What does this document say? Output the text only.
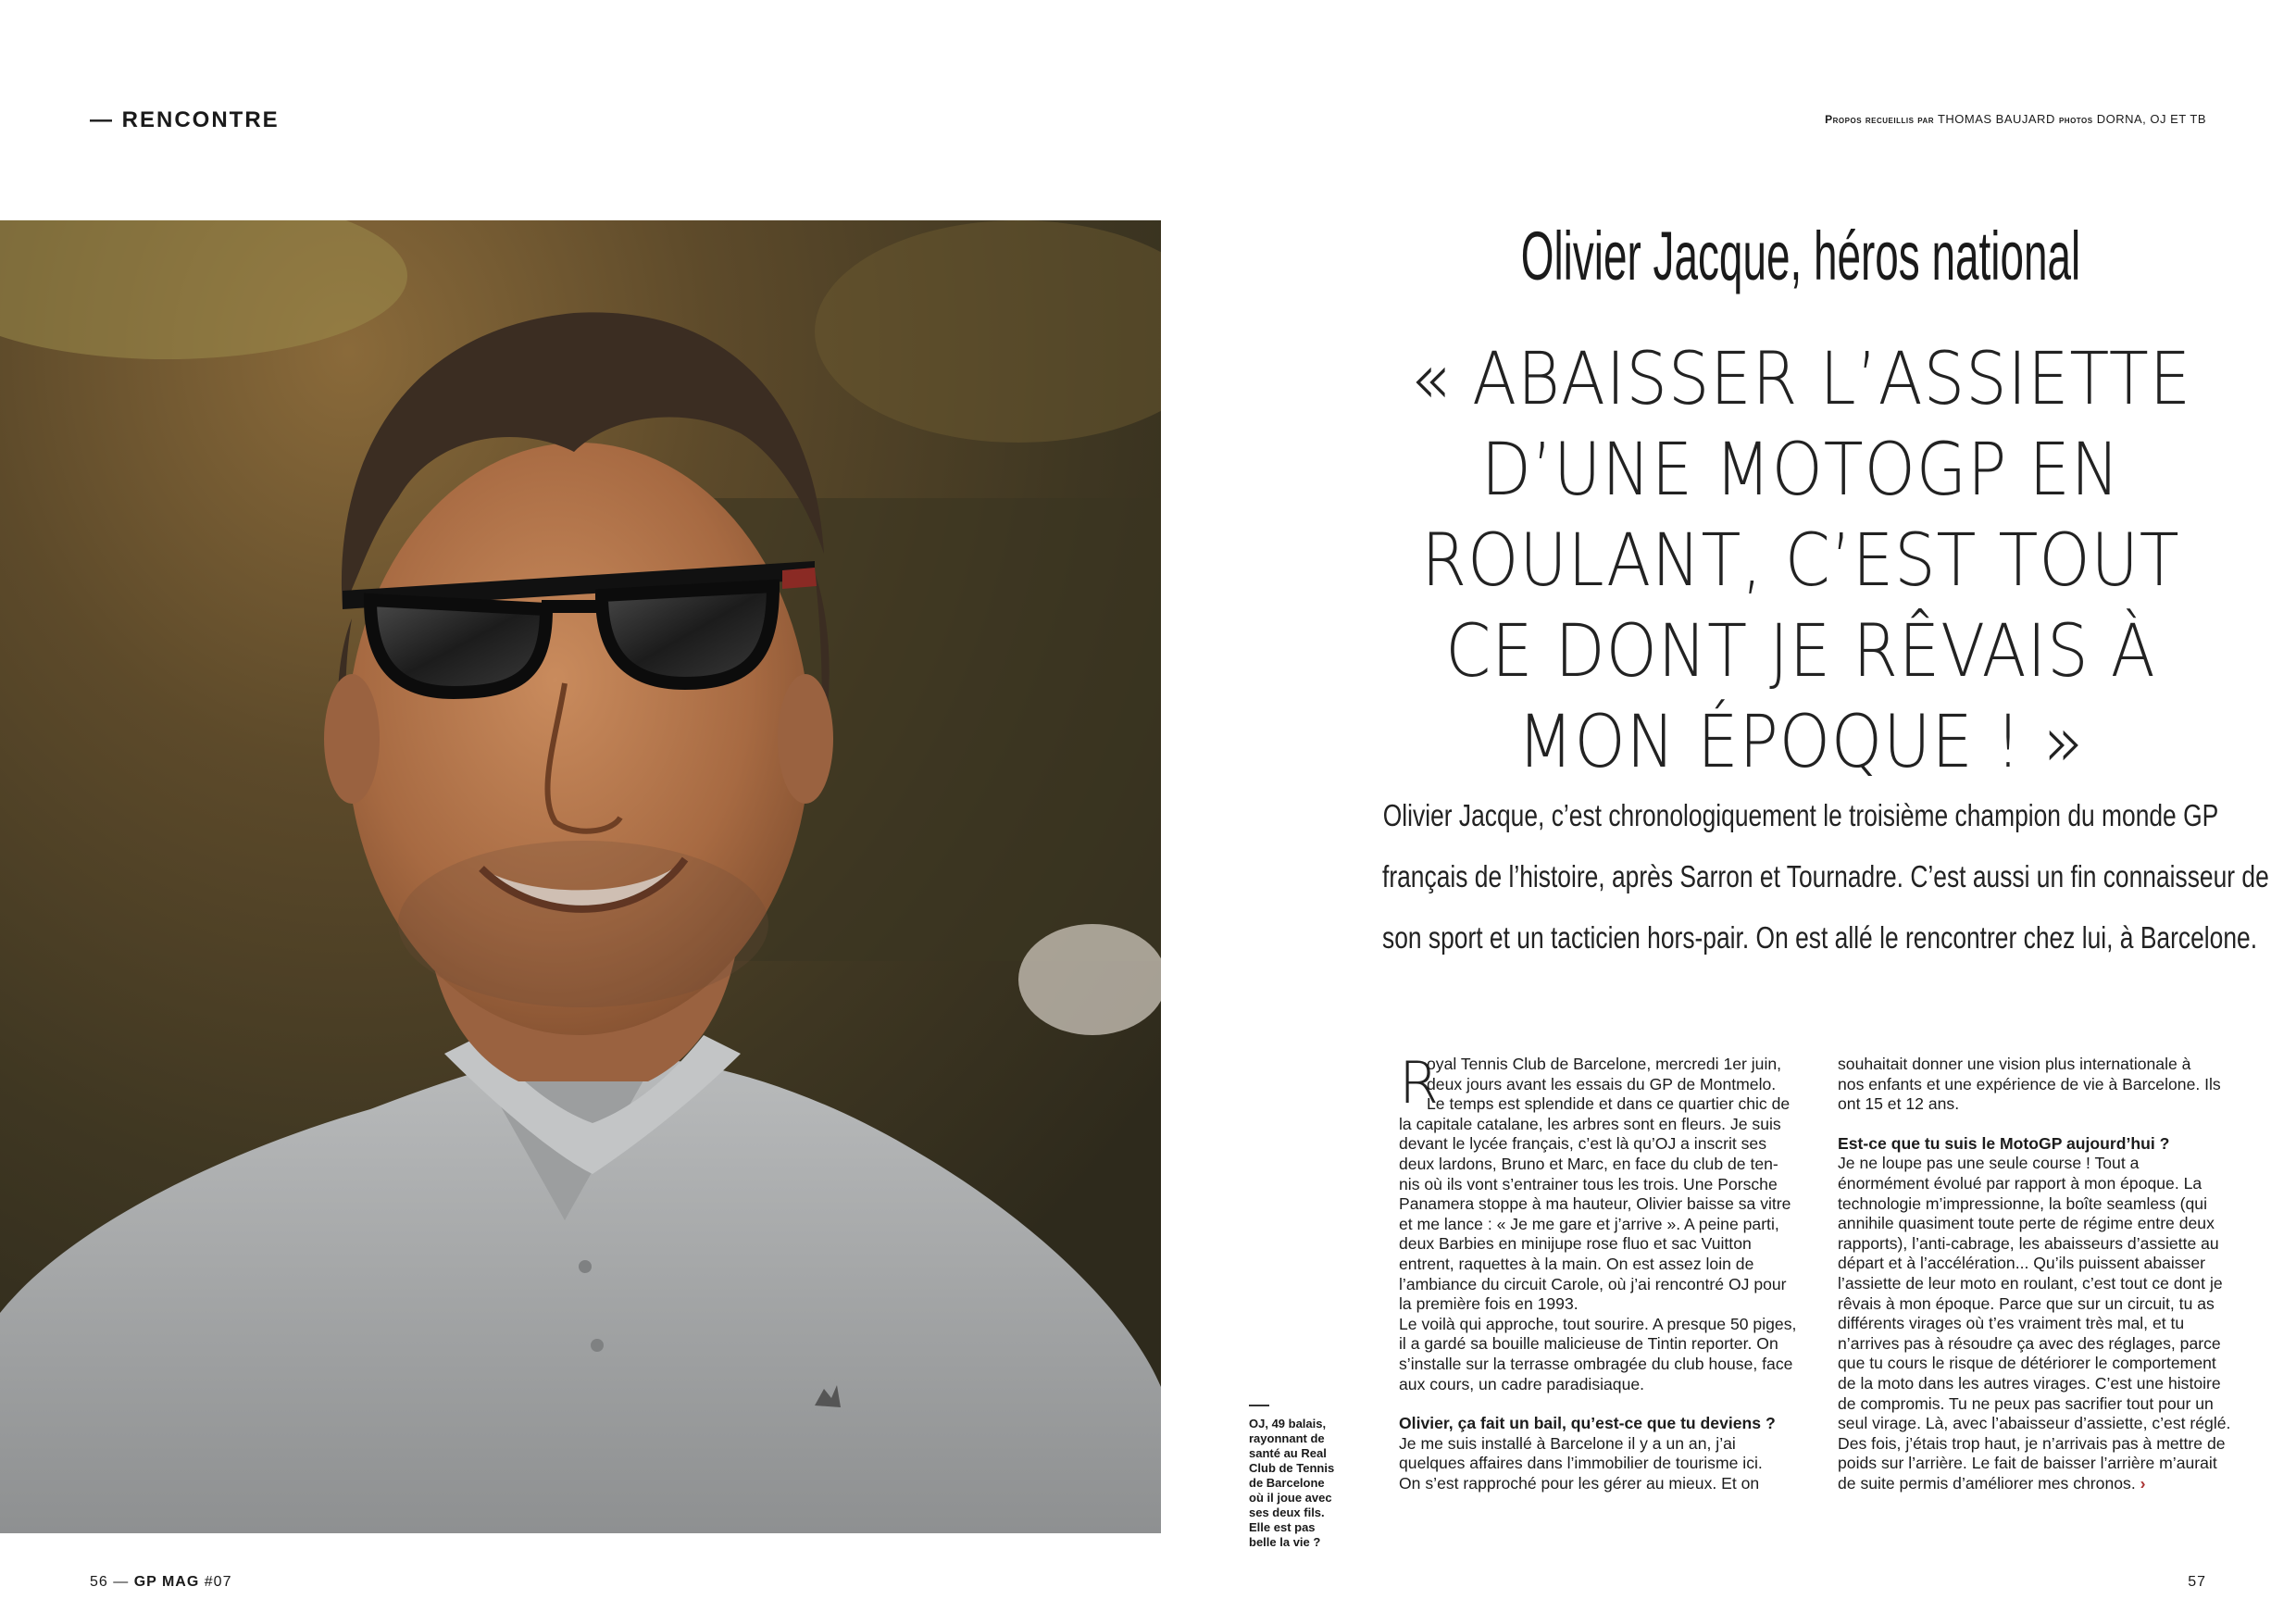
— RENCONTRE	Propos recueillis par THOMAS BAUJARD photos DORNA, OJ ET TB
OJ, 49 balais, rayonnant de santé au Real Club de Tennis de Barcelone où il joue avec ses deux fils. Elle est pas belle la vie ?
Olivier Jacque, héros national
« ABAISSER L’ASSIETTE
D’UNE MOTOGP EN
ROULANT, C’EST TOUT
CE DONT JE RÊVAIS À
MON ÉPOQUE ! »
Olivier Jacque, c’est chronologiquement le troisième champion du monde GP
français de l’histoire, après Sarron et Tournadre. C’est aussi un fin connaisseur de
son sport et un tacticien hors-pair. On est allé le rencontrer chez lui, à Barcelone.
R
oyal Tennis Club de Barcelone, mercredi 1er juin,
deux jours avant les essais du GP de Montmelo.
Le temps est splendide et dans ce quartier chic de
la capitale catalane, les arbres sont en fleurs. Je suis
devant le lycée français, c’est là qu’OJ a inscrit ses
deux lardons, Bruno et Marc, en face du club de ten-
nis où ils vont s’entrainer tous les trois. Une Porsche
Panamera stoppe à ma hauteur, Olivier baisse sa vitre
et me lance : « Je me gare et j’arrive ». A peine parti,
deux Barbies en minijupe rose fluo et sac Vuitton
entrent, raquettes à la main. On est assez loin de
l’ambiance du circuit Carole, où j’ai rencontré OJ pour
la première fois en 1993.
Le voilà qui approche, tout sourire. A presque 50 piges,
il a gardé sa bouille malicieuse de Tintin reporter. On
s’installe sur la terrasse ombragée du club house, face
aux cours, un cadre paradisiaque.

Olivier, ça fait un bail, qu’est-ce que tu deviens ?

Je me suis installé à Barcelone il y a un an, j’ai
quelques affaires dans l’immobilier de tourisme ici.
On s’est rapproché pour les gérer au mieux. Et on
souhaitait donner une vision plus internationale à
nos enfants et une expérience de vie à Barcelone. Ils
ont 15 et 12 ans.

Est-ce que tu suis le MotoGP aujourd’hui ?

Je ne loupe pas une seule course ! Tout a
énormément évolué par rapport à mon époque. La
technologie m’impressionne, la boîte seamless (qui
annihile quasiment toute perte de régime entre deux
rapports), l’anti-cabrage, les abaisseurs d’assiette au
départ et à l’accélération... Qu’ils puissent abaisser
l’assiette de leur moto en roulant, c’est tout ce dont je
rêvais à mon époque. Parce que sur un circuit, tu as
différents virages où t’es vraiment très mal, et tu
n’arrives pas à résoudre ça avec des réglages, parce
que tu cours le risque de détériorer le comportement
de la moto dans les autres virages. C’est une histoire
de compromis. Tu ne peux pas sacrifier tout pour un
seul virage. Là, avec l’abaisseur d’assiette, c’est réglé.
Des fois, j’étais trop haut, je n’arrivais pas à mettre de
poids sur l’arrière. Le fait de baisser l’arrière m’aurait
de suite permis d’améliorer mes chronos. ›
56 — GP MAG #07	57
